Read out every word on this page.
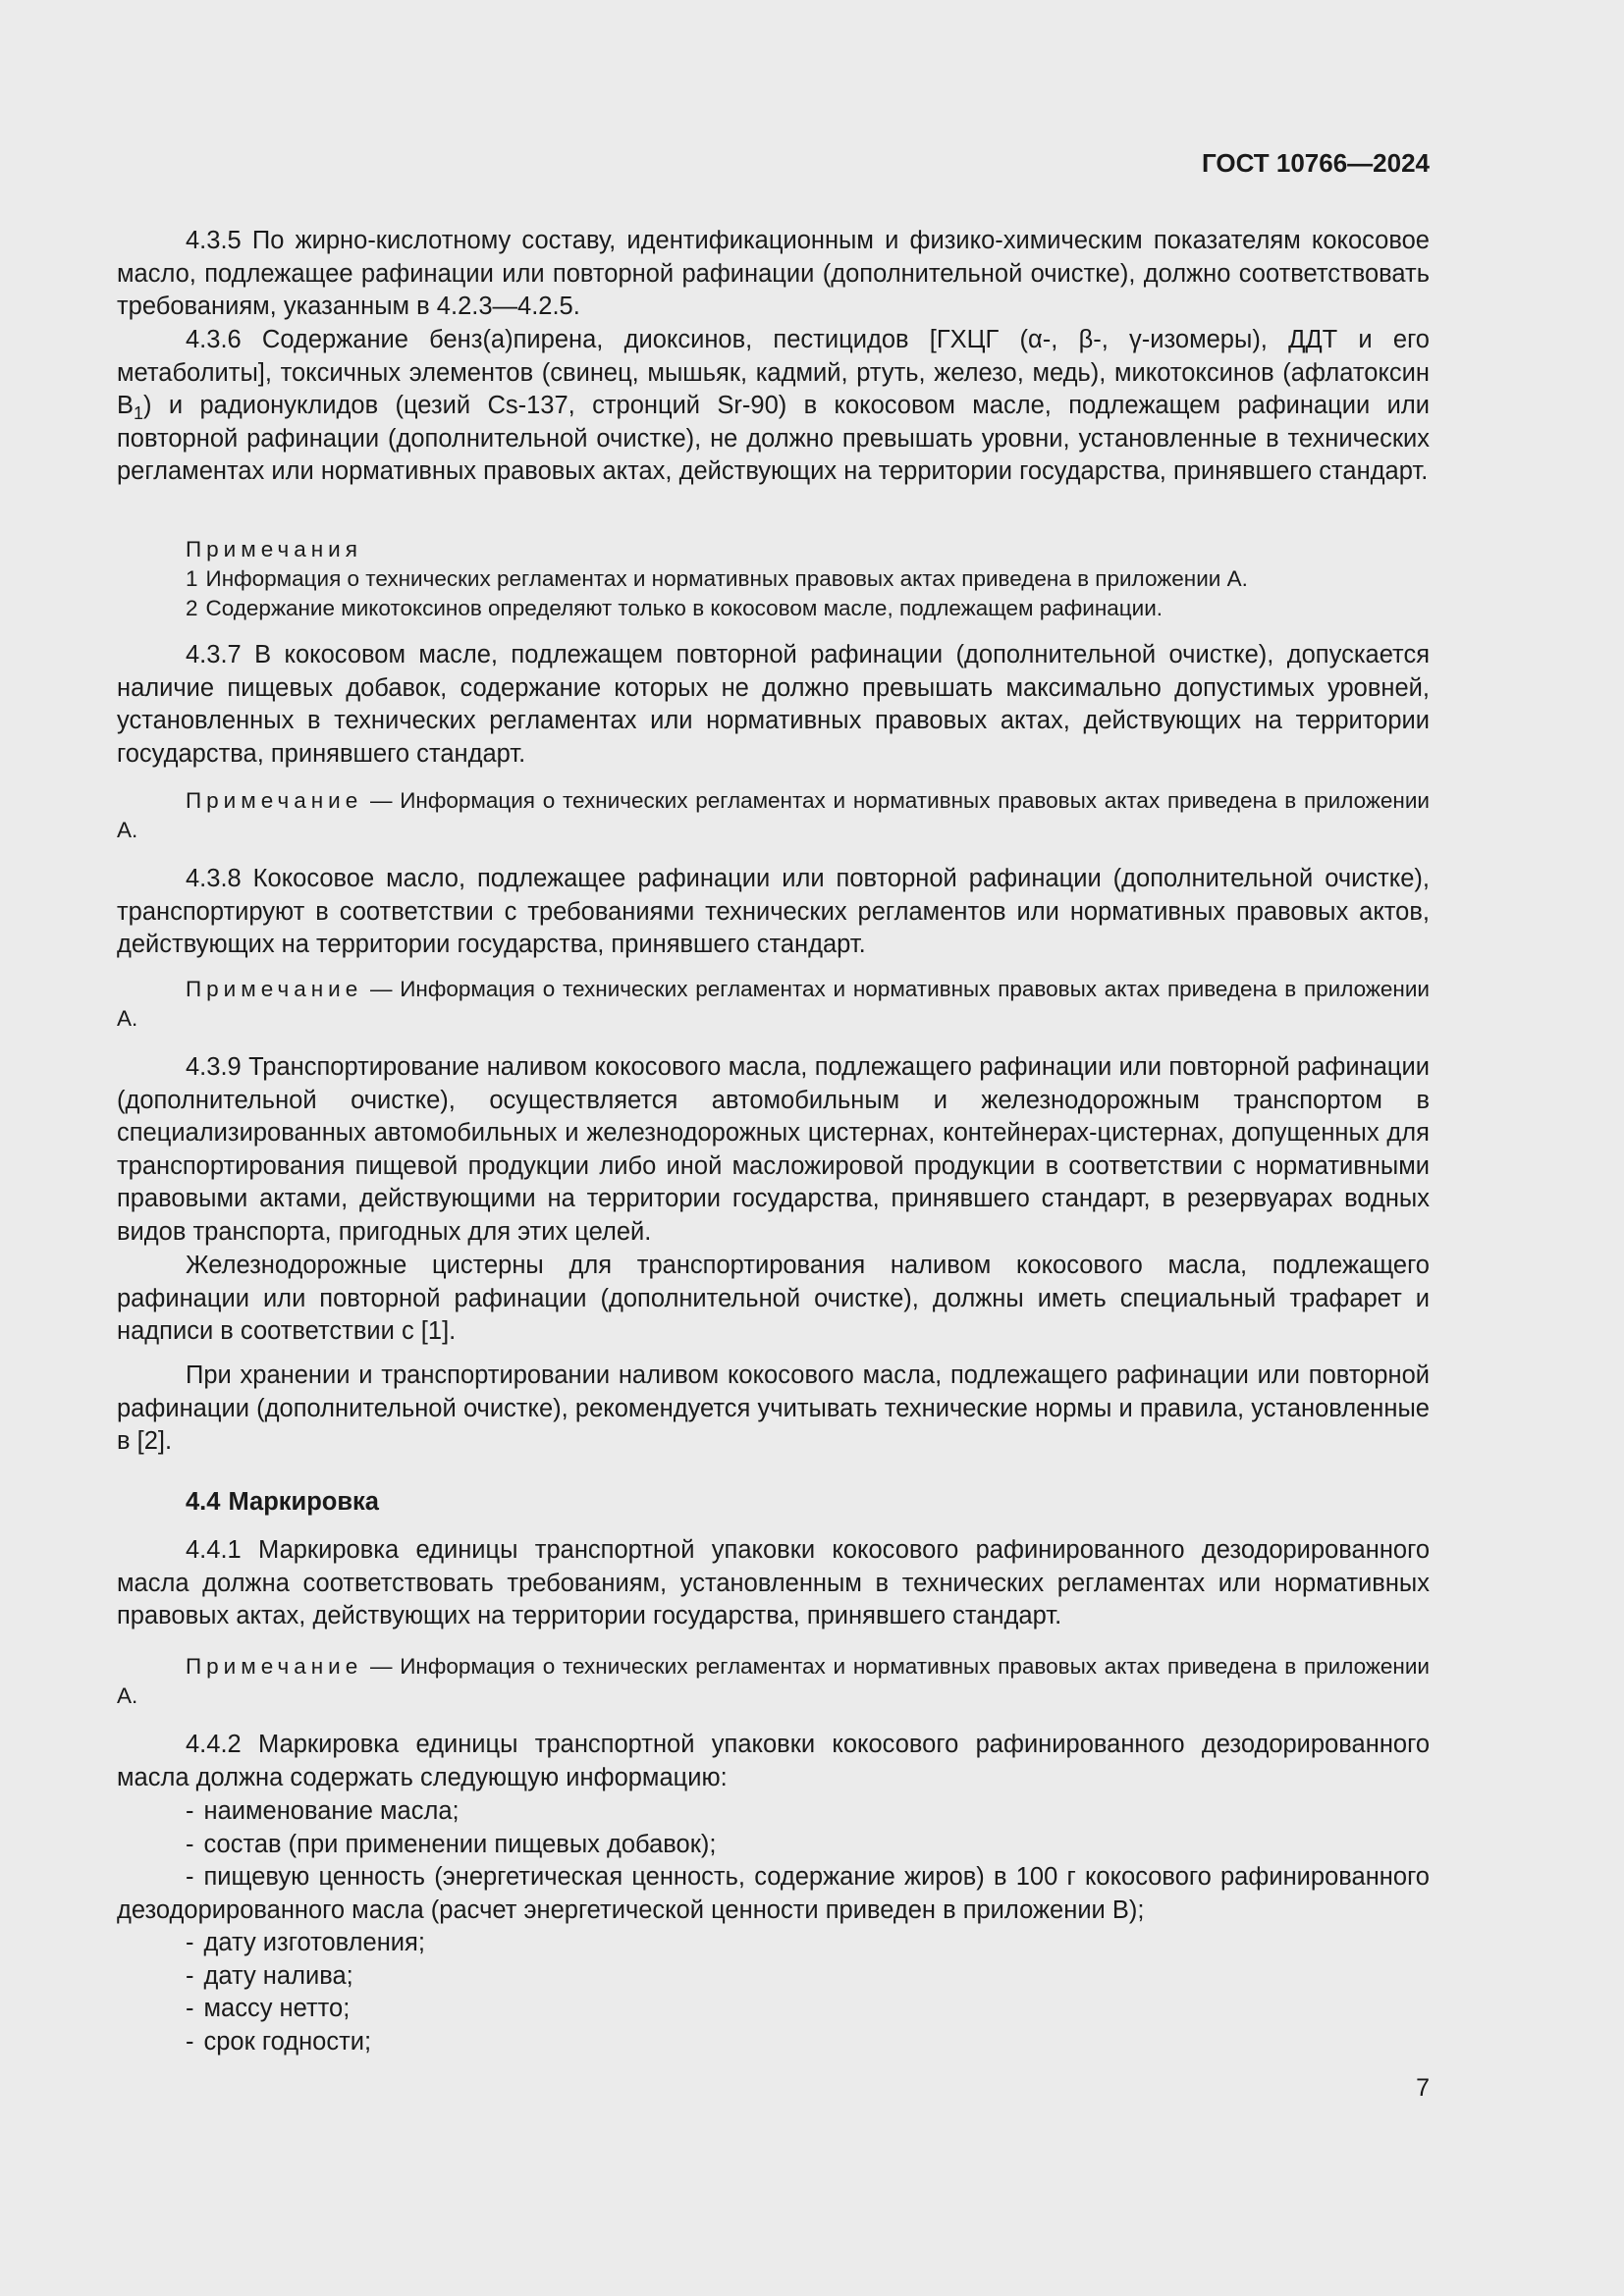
ГОСТ 10766—2024

4.3.5 По жирно-кислотному составу, идентификационным и физико-химическим показателям кокосовое масло, подлежащее рафинации или повторной рафинации (дополнительной очистке), должно соответствовать требованиям, указанным в 4.2.3—4.2.5.

4.3.6 Содержание бенз(а)пирена, диоксинов, пестицидов [ГХЦГ (α-, β-, γ-изомеры), ДДТ и его метаболиты], токсичных элементов (свинец, мышьяк, кадмий, ртуть, железо, медь), микотоксинов (афлатоксин $B_1$) и радионуклидов (цезий Cs-137, стронций Sr-90) в кокосовом масле, подлежащем рафинации или повторной рафинации (дополнительной очистке), не должно превышать уровни, установленные в технических регламентах или нормативных правовых актах, действующих на территории государства, принявшего стандарт.

Примечания
1 Информация о технических регламентах и нормативных правовых актах приведена в приложении А.
2 Содержание микотоксинов определяют только в кокосовом масле, подлежащем рафинации.

4.3.7 В кокосовом масле, подлежащем повторной рафинации (дополнительной очистке), допускается наличие пищевых добавок, содержание которых не должно превышать максимально допустимых уровней, установленных в технических регламентах или нормативных правовых актах, действующих на территории государства, принявшего стандарт.

Примечание — Информация о технических регламентах и нормативных правовых актах приведена в приложении А.

4.3.8 Кокосовое масло, подлежащее рафинации или повторной рафинации (дополнительной очистке), транспортируют в соответствии с требованиями технических регламентов или нормативных правовых актов, действующих на территории государства, принявшего стандарт.

Примечание — Информация о технических регламентах и нормативных правовых актах приведена в приложении А.

4.3.9 Транспортирование наливом кокосового масла, подлежащего рафинации или повторной рафинации (дополнительной очистке), осуществляется автомобильным и железнодорожным транспортом в специализированных автомобильных и железнодорожных цистернах, контейнерах-цистернах, допущенных для транспортирования пищевой продукции либо иной масложировой продукции в соответствии с нормативными правовыми актами, действующими на территории государства, принявшего стандарт, в резервуарах водных видов транспорта, пригодных для этих целей.

Железнодорожные цистерны для транспортирования наливом кокосового масла, подлежащего рафинации или повторной рафинации (дополнительной очистке), должны иметь специальный трафарет и надписи в соответствии с [1].

При хранении и транспортировании наливом кокосового масла, подлежащего рафинации или повторной рафинации (дополнительной очистке), рекомендуется учитывать технические нормы и правила, установленные в [2].

4.4 Маркировка

4.4.1 Маркировка единицы транспортной упаковки кокосового рафинированного дезодорированного масла должна соответствовать требованиям, установленным в технических регламентах или нормативных правовых актах, действующих на территории государства, принявшего стандарт.

Примечание — Информация о технических регламентах и нормативных правовых актах приведена в приложении А.

4.4.2 Маркировка единицы транспортной упаковки кокосового рафинированного дезодорированного масла должна содержать следующую информацию:

- наименование масла;

- состав (при применении пищевых добавок);

- пищевую ценность (энергетическая ценность, содержание жиров) в 100 г кокосового рафинированного дезодорированного масла (расчет энергетической ценности приведен в приложении В);

- дату изготовления;

- дату налива;

- массу нетто;

- срок годности;

7
